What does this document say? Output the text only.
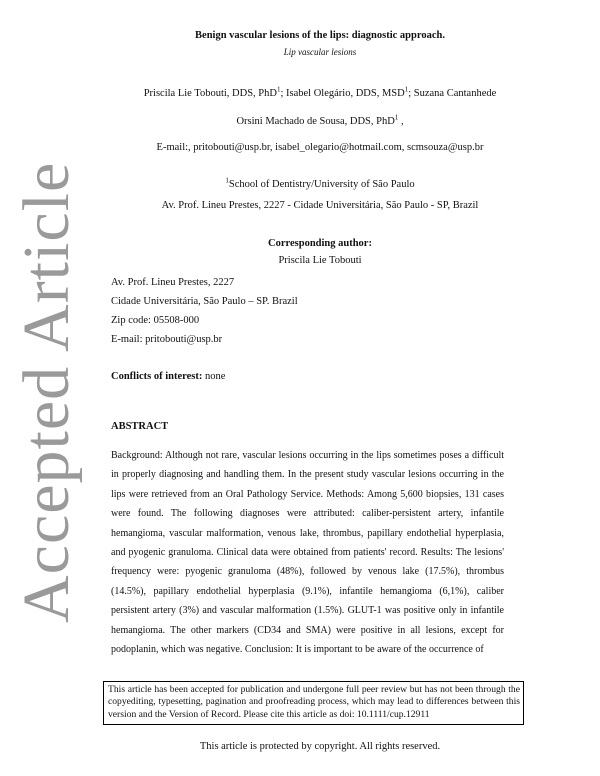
Benign vascular lesions of the lips: diagnostic approach.
Lip vascular lesions
Priscila Lie Tobouti, DDS, PhD$^1$; Isabel Olegário, DDS, MSD$^1$; Suzana Cantanhede
Orsini Machado de Sousa, DDS, PhD$^1$ ,
E-mail:, pritobouti@usp.br, isabel_olegario@hotmail.com, scmsouza@usp.br
$^1$School of Dentistry/University of São Paulo
Av. Prof. Lineu Prestes, 2227 - Cidade Universitária, São Paulo - SP, Brazil
Corresponding author:
Priscila Lie Tobouti
Av. Prof. Lineu Prestes, 2227
Cidade Universitária, São Paulo – SP. Brazil
Zip code: 05508-000
E-mail: pritobouti@usp.br
Conflicts of interest: none
ABSTRACT
Background: Although not rare, vascular lesions occurring in the lips sometimes poses a difficult in properly diagnosing and handling them. In the present study vascular lesions occurring in the lips were retrieved from an Oral Pathology Service. Methods: Among 5,600 biopsies, 131 cases were found. The following diagnoses were attributed: caliber-persistent artery, infantile hemangioma, vascular malformation, venous lake, thrombus, papillary endothelial hyperplasia, and pyogenic granuloma. Clinical data were obtained from patients' record. Results: The lesions' frequency were: pyogenic granuloma (48%), followed by venous lake (17.5%), thrombus (14.5%), papillary endothelial hyperplasia (9.1%), infantile hemangioma (6,1%), caliber persistent artery (3%) and vascular malformation (1.5%). GLUT-1 was positive only in infantile hemangioma. The other markers (CD34 and SMA) were positive in all lesions, except for podoplanin, which was negative. Conclusion: It is important to be aware of the occurrence of
Accepted Article
This article has been accepted for publication and undergone full peer review but has not been through the copyediting, typesetting, pagination and proofreading process, which may lead to differences between this version and the Version of Record. Please cite this article as doi: 10.1111/cup.12911
This article is protected by copyright. All rights reserved.
